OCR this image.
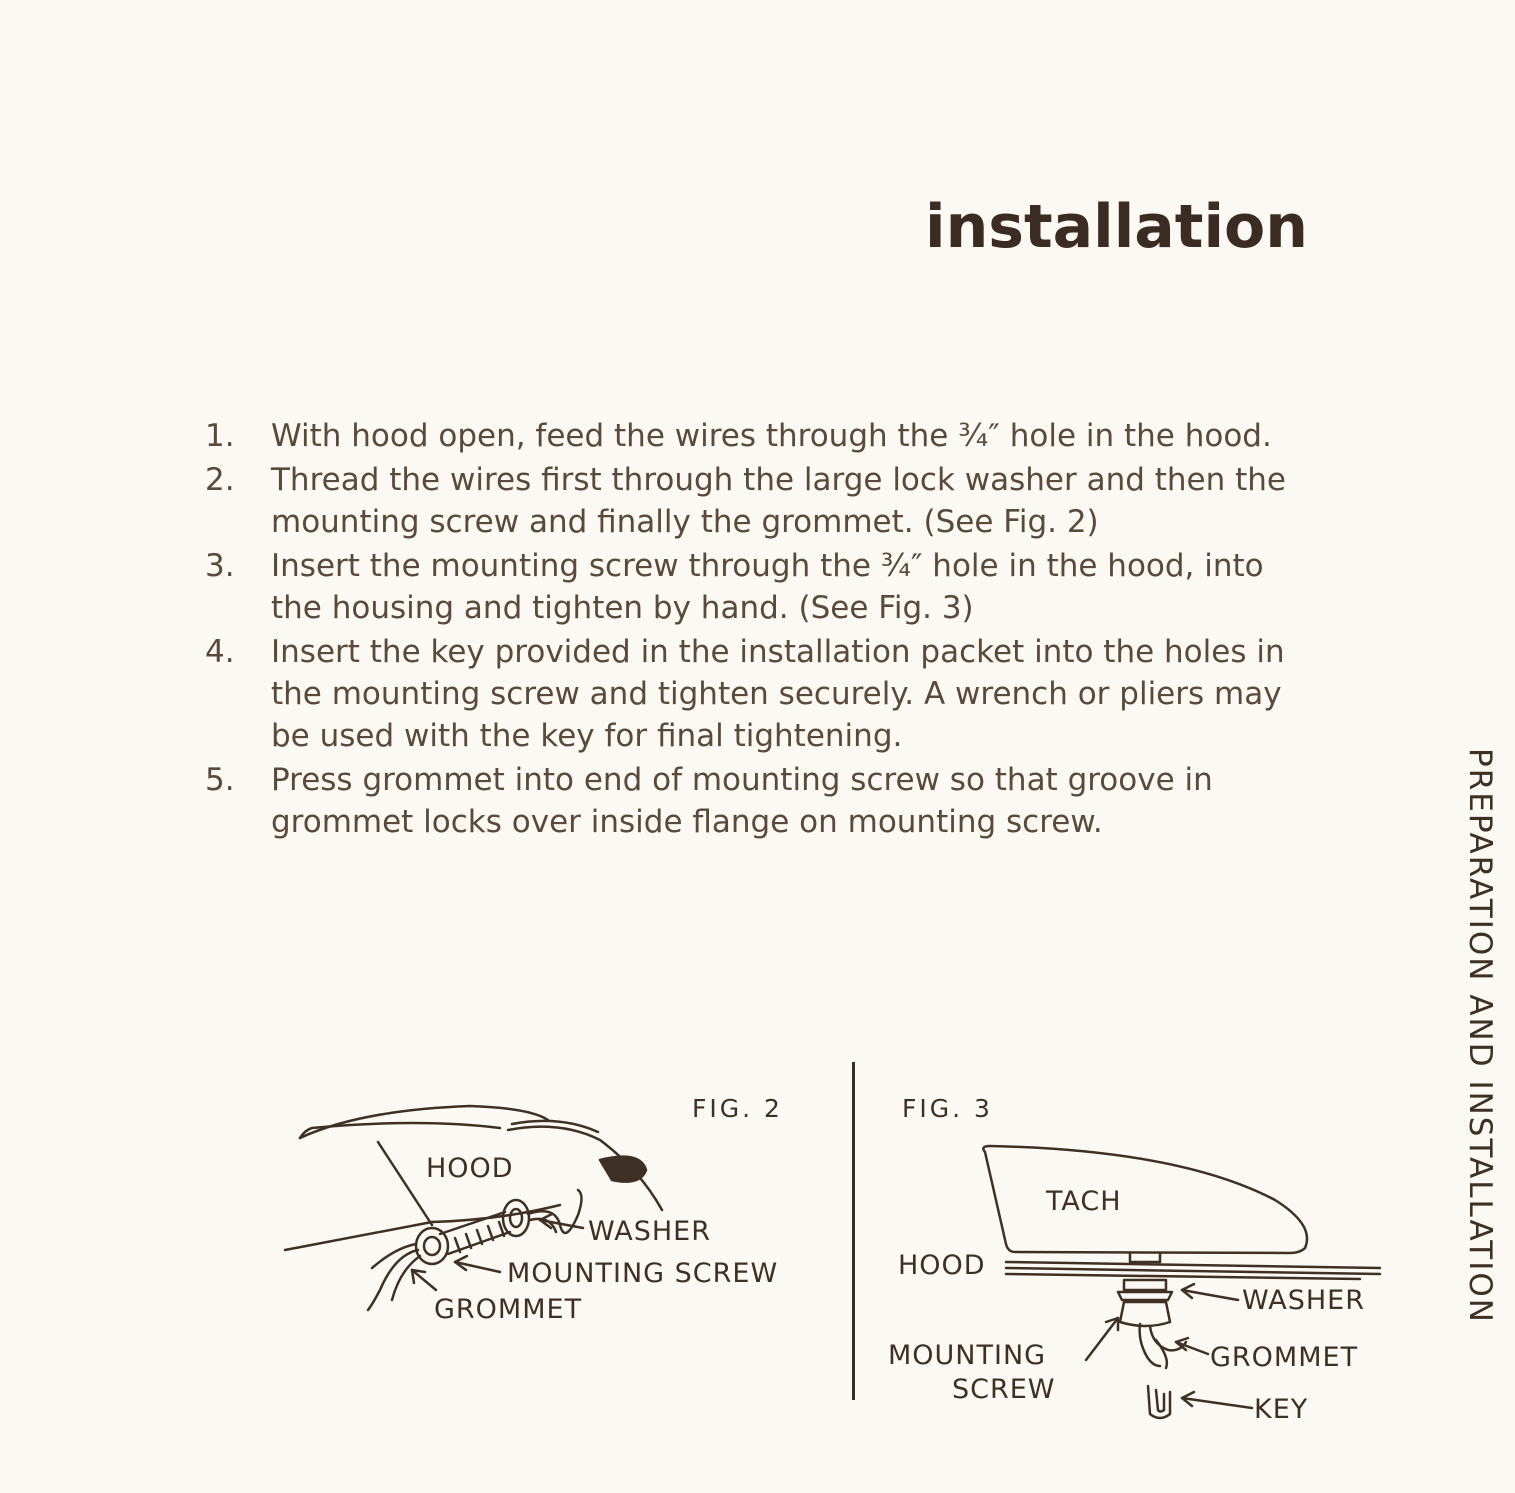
installation
1. With hood open, feed the wires through the ¾″ hole in the hood.
2. Thread the wires first through the large lock washer and then the mounting screw and finally the grommet. (See Fig. 2)
3. Insert the mounting screw through the ¾″ hole in the hood, into the housing and tighten by hand. (See Fig. 3)
4. Insert the key provided in the installation packet into the holes in the mounting screw and tighten securely. A wrench or pliers may be used with the key for final tightening.
5. Press grommet into end of mounting screw so that groove in grommet locks over inside flange on mounting screw.	PREPARATION AND INSTALLATION
FIG. 2
HOOD
WASHER
MOUNTING SCREW
GROMMET
FIG. 3
TACH
HOOD
WASHER
MOUNTING
SCREW
GROMMET
KEY
